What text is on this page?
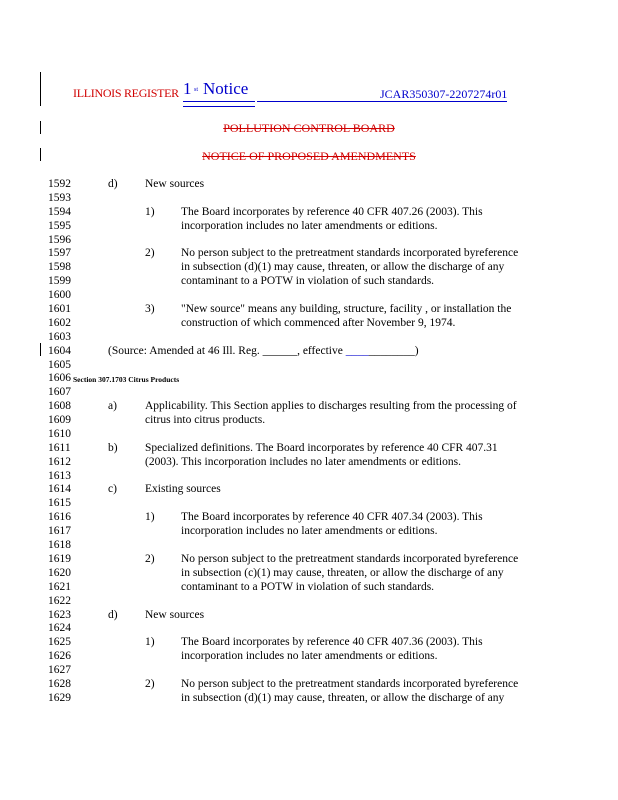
ILLINOIS REGISTER 1 st Notice	JCAR350307-2207274r01
POLLUTION CONTROL BOARD
NOTICE OF PROPOSED AMENDMENTS
1592
1593
1594
1595
1596
1597
1598
1599
1600
1601
1602
1603
1604
1605
1606
1607
1608
1609
1610
1611
1612
1613
1614
1615
1616
1617
1618
1619
1620
1621
1622
1623
1624
1625
1626
1627
1628
1629
d) New sources
1) The Board incorporates by reference 40 CFR 407.26 (2003). This
incorporation includes no later amendments or editions.
2) No person subject to the pretreatment standards incorporated byreference
in subsection (d)(1) may cause, threaten, or allow the discharge of any
contaminant to a POTW in violation of such standards.
3) "New source" means any building, structure, facility , or installation the
construction of which commenced after November 9, 1974.
(Source: Amended at 46 Ill. Reg. ______, effective ____________)
Section 307.1703 Citrus Products
a) Applicability. This Section applies to discharges resulting from the processing of
citrus into citrus products.
b) Specialized definitions. The Board incorporates by reference 40 CFR 407.31
(2003). This incorporation includes no later amendments or editions.
c) Existing sources
1) The Board incorporates by reference 40 CFR 407.34 (2003). This
incorporation includes no later amendments or editions.
2) No person subject to the pretreatment standards incorporated byreference
in subsection (c)(1) may cause, threaten, or allow the discharge of any
contaminant to a POTW in violation of such standards.
d) New sources
1) The Board incorporates by reference 40 CFR 407.36 (2003). This
incorporation includes no later amendments or editions.
2) No person subject to the pretreatment standards incorporated byreference
in subsection (d)(1) may cause, threaten, or allow the discharge of any
